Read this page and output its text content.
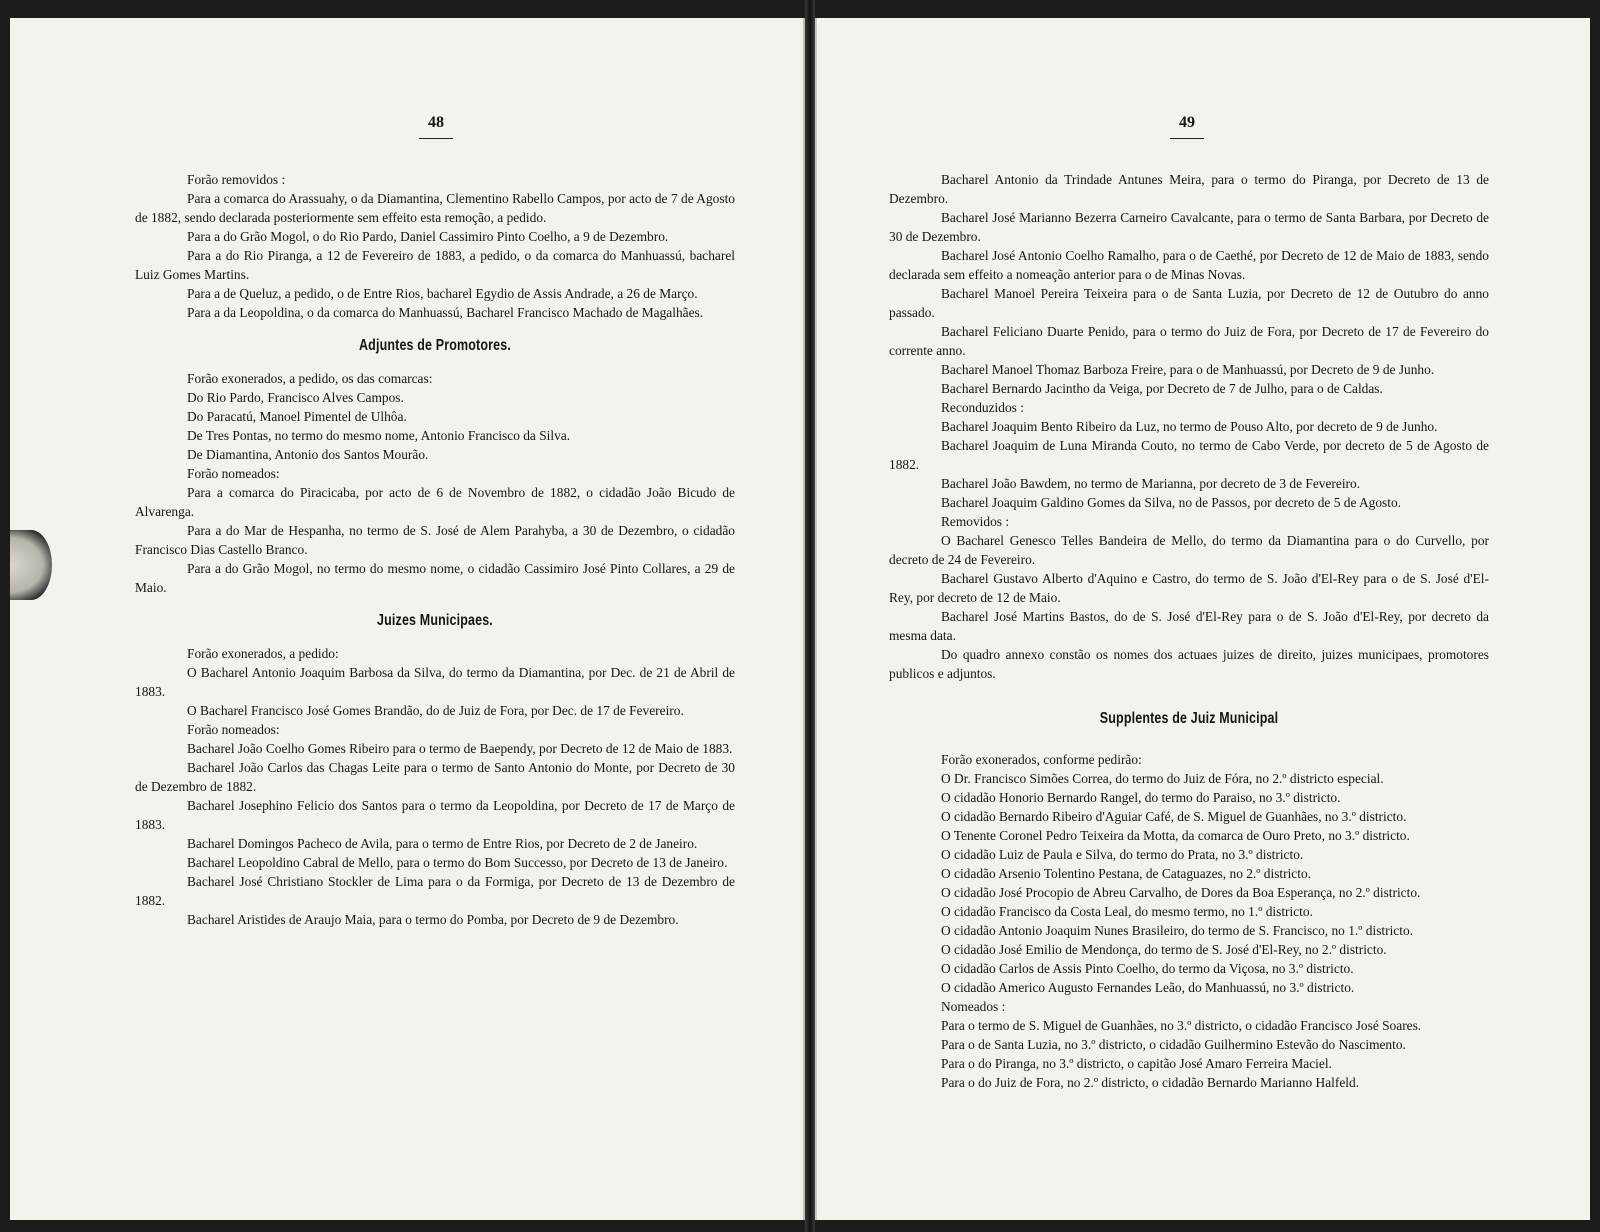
48

Forão removidos :

Para a comarca do Arassuahy, o da Diamantina, Clementino Rabello Campos, por acto de 7 de Agosto de 1882, sendo declarada posteriormente sem effeito esta remoção, a pedido.

Para a do Grão Mogol, o do Rio Pardo, Daniel Cassimiro Pinto Coelho, a 9 de Dezembro.

Para a do Rio Piranga, a 12 de Fevereiro de 1883, a pedido, o da comarca do Manhuassú, bacharel Luiz Gomes Martins.

Para a de Queluz, a pedido, o de Entre Rios, bacharel Egydio de Assis Andrade, a 26 de Março.

Para a da Leopoldina, o da comarca do Manhuassú, Bacharel Francisco Machado de Magalhães.

Adjuntes de Promotores.

Forão exonerados, a pedido, os das comarcas:

Do Rio Pardo, Francisco Alves Campos.

Do Paracatú, Manoel Pimentel de Ulhôa.

De Tres Pontas, no termo do mesmo nome, Antonio Francisco da Silva.

De Diamantina, Antonio dos Santos Mourão.

Forão nomeados:

Para a comarca do Piracicaba, por acto de 6 de Novembro de 1882, o cidadão João Bicudo de Alvarenga.

Para a do Mar de Hespanha, no termo de S. José de Alem Parahyba, a 30 de Dezembro, o cidadão Francisco Dias Castello Branco.

Para a do Grão Mogol, no termo do mesmo nome, o cidadão Cassimiro José Pinto Collares, a 29 de Maio.

Juizes Municipaes.

Forão exonerados, a pedido:

O Bacharel Antonio Joaquim Barbosa da Silva, do termo da Diamantina, por Dec. de 21 de Abril de 1883.

O Bacharel Francisco José Gomes Brandão, do de Juiz de Fora, por Dec. de 17 de Fevereiro.

Forão nomeados:

Bacharel João Coelho Gomes Ribeiro para o termo de Baependy, por Decreto de 12 de Maio de 1883.

Bacharel João Carlos das Chagas Leite para o termo de Santo Antonio do Monte, por Decreto de 30 de Dezembro de 1882.

Bacharel Josephino Felicio dos Santos para o termo da Leopoldina, por Decreto de 17 de Março de 1883.

Bacharel Domingos Pacheco de Avila, para o termo de Entre Rios, por Decreto de 2 de Janeiro.

Bacharel Leopoldino Cabral de Mello, para o termo do Bom Successo, por Decreto de 13 de Janeiro.

Bacharel José Christiano Stockler de Lima para o da Formiga, por Decreto de 13 de Dezembro de 1882.

Bacharel Aristides de Araujo Maia, para o termo do Pomba, por Decreto de 9 de Dezembro.

49

Bacharel Antonio da Trindade Antunes Meira, para o termo do Piranga, por Decreto de 13 de Dezembro.

Bacharel José Marianno Bezerra Carneiro Cavalcante, para o termo de Santa Barbara, por Decreto de 30 de Dezembro.

Bacharel José Antonio Coelho Ramalho, para o de Caethé, por Decreto de 12 de Maio de 1883, sendo declarada sem effeito a nomeação anterior para o de Minas Novas.

Bacharel Manoel Pereira Teixeira para o de Santa Luzia, por Decreto de 12 de Outubro do anno passado.

Bacharel Feliciano Duarte Penido, para o termo do Juiz de Fora, por Decreto de 17 de Fevereiro do corrente anno.

Bacharel Manoel Thomaz Barboza Freire, para o de Manhuassú, por Decreto de 9 de Junho.

Bacharel Bernardo Jacintho da Veiga, por Decreto de 7 de Julho, para o de Caldas.

Reconduzidos :

Bacharel Joaquim Bento Ribeiro da Luz, no termo de Pouso Alto, por decreto de 9 de Junho.

Bacharel Joaquim de Luna Miranda Couto, no termo de Cabo Verde, por decreto de 5 de Agosto de 1882.

Bacharel João Bawdem, no termo de Marianna, por decreto de 3 de Fevereiro.

Bacharel Joaquim Galdino Gomes da Silva, no de Passos, por decreto de 5 de Agosto.

Removidos :

O Bacharel Genesco Telles Bandeira de Mello, do termo da Diamantina para o do Curvello, por decreto de 24 de Fevereiro.

Bacharel Gustavo Alberto d'Aquino e Castro, do termo de S. João d'El-Rey para o de S. José d'El-Rey, por decreto de 12 de Maio.

Bacharel José Martins Bastos, do de S. José d'El-Rey para o de S. João d'El-Rey, por decreto da mesma data.

Do quadro annexo constão os nomes dos actuaes juizes de direito, juizes municipaes, promotores publicos e adjuntos.

Supplentes de Juiz Municipal

Forão exonerados, conforme pedirão:

O Dr. Francisco Simões Correa, do termo do Juiz de Fóra, no 2.º districto especial.

O cidadão Honorio Bernardo Rangel, do termo do Paraiso, no 3.º districto.

O cidadão Bernardo Ribeiro d'Aguiar Café, de S. Miguel de Guanhães, no 3.º districto.

O Tenente Coronel Pedro Teixeira da Motta, da comarca de Ouro Preto, no 3.º districto.

O cidadão Luiz de Paula e Silva, do termo do Prata, no 3.º districto.

O cidadão Arsenio Tolentino Pestana, de Cataguazes, no 2.º districto.

O cidadão José Procopio de Abreu Carvalho, de Dores da Boa Esperança, no 2.º districto.

O cidadão Francisco da Costa Leal, do mesmo termo, no 1.º districto.

O cidadão Antonio Joaquim Nunes Brasileiro, do termo de S. Francisco, no 1.º districto.

O cidadão José Emilio de Mendonça, do termo de S. José d'El-Rey, no 2.º districto.

O cidadão Carlos de Assis Pinto Coelho, do termo da Viçosa, no 3.º districto.

O cidadão Americo Augusto Fernandes Leão, do Manhuassú, no 3.º districto.

Nomeados :

Para o termo de S. Miguel de Guanhães, no 3.º districto, o cidadão Francisco José Soares.

Para o de Santa Luzia, no 3.º districto, o cidadão Guilhermino Estevão do Nascimento.

Para o do Piranga, no 3.º districto, o capitão José Amaro Ferreira Maciel.

Para o do Juiz de Fora, no 2.º districto, o cidadão Bernardo Marianno Halfeld.
